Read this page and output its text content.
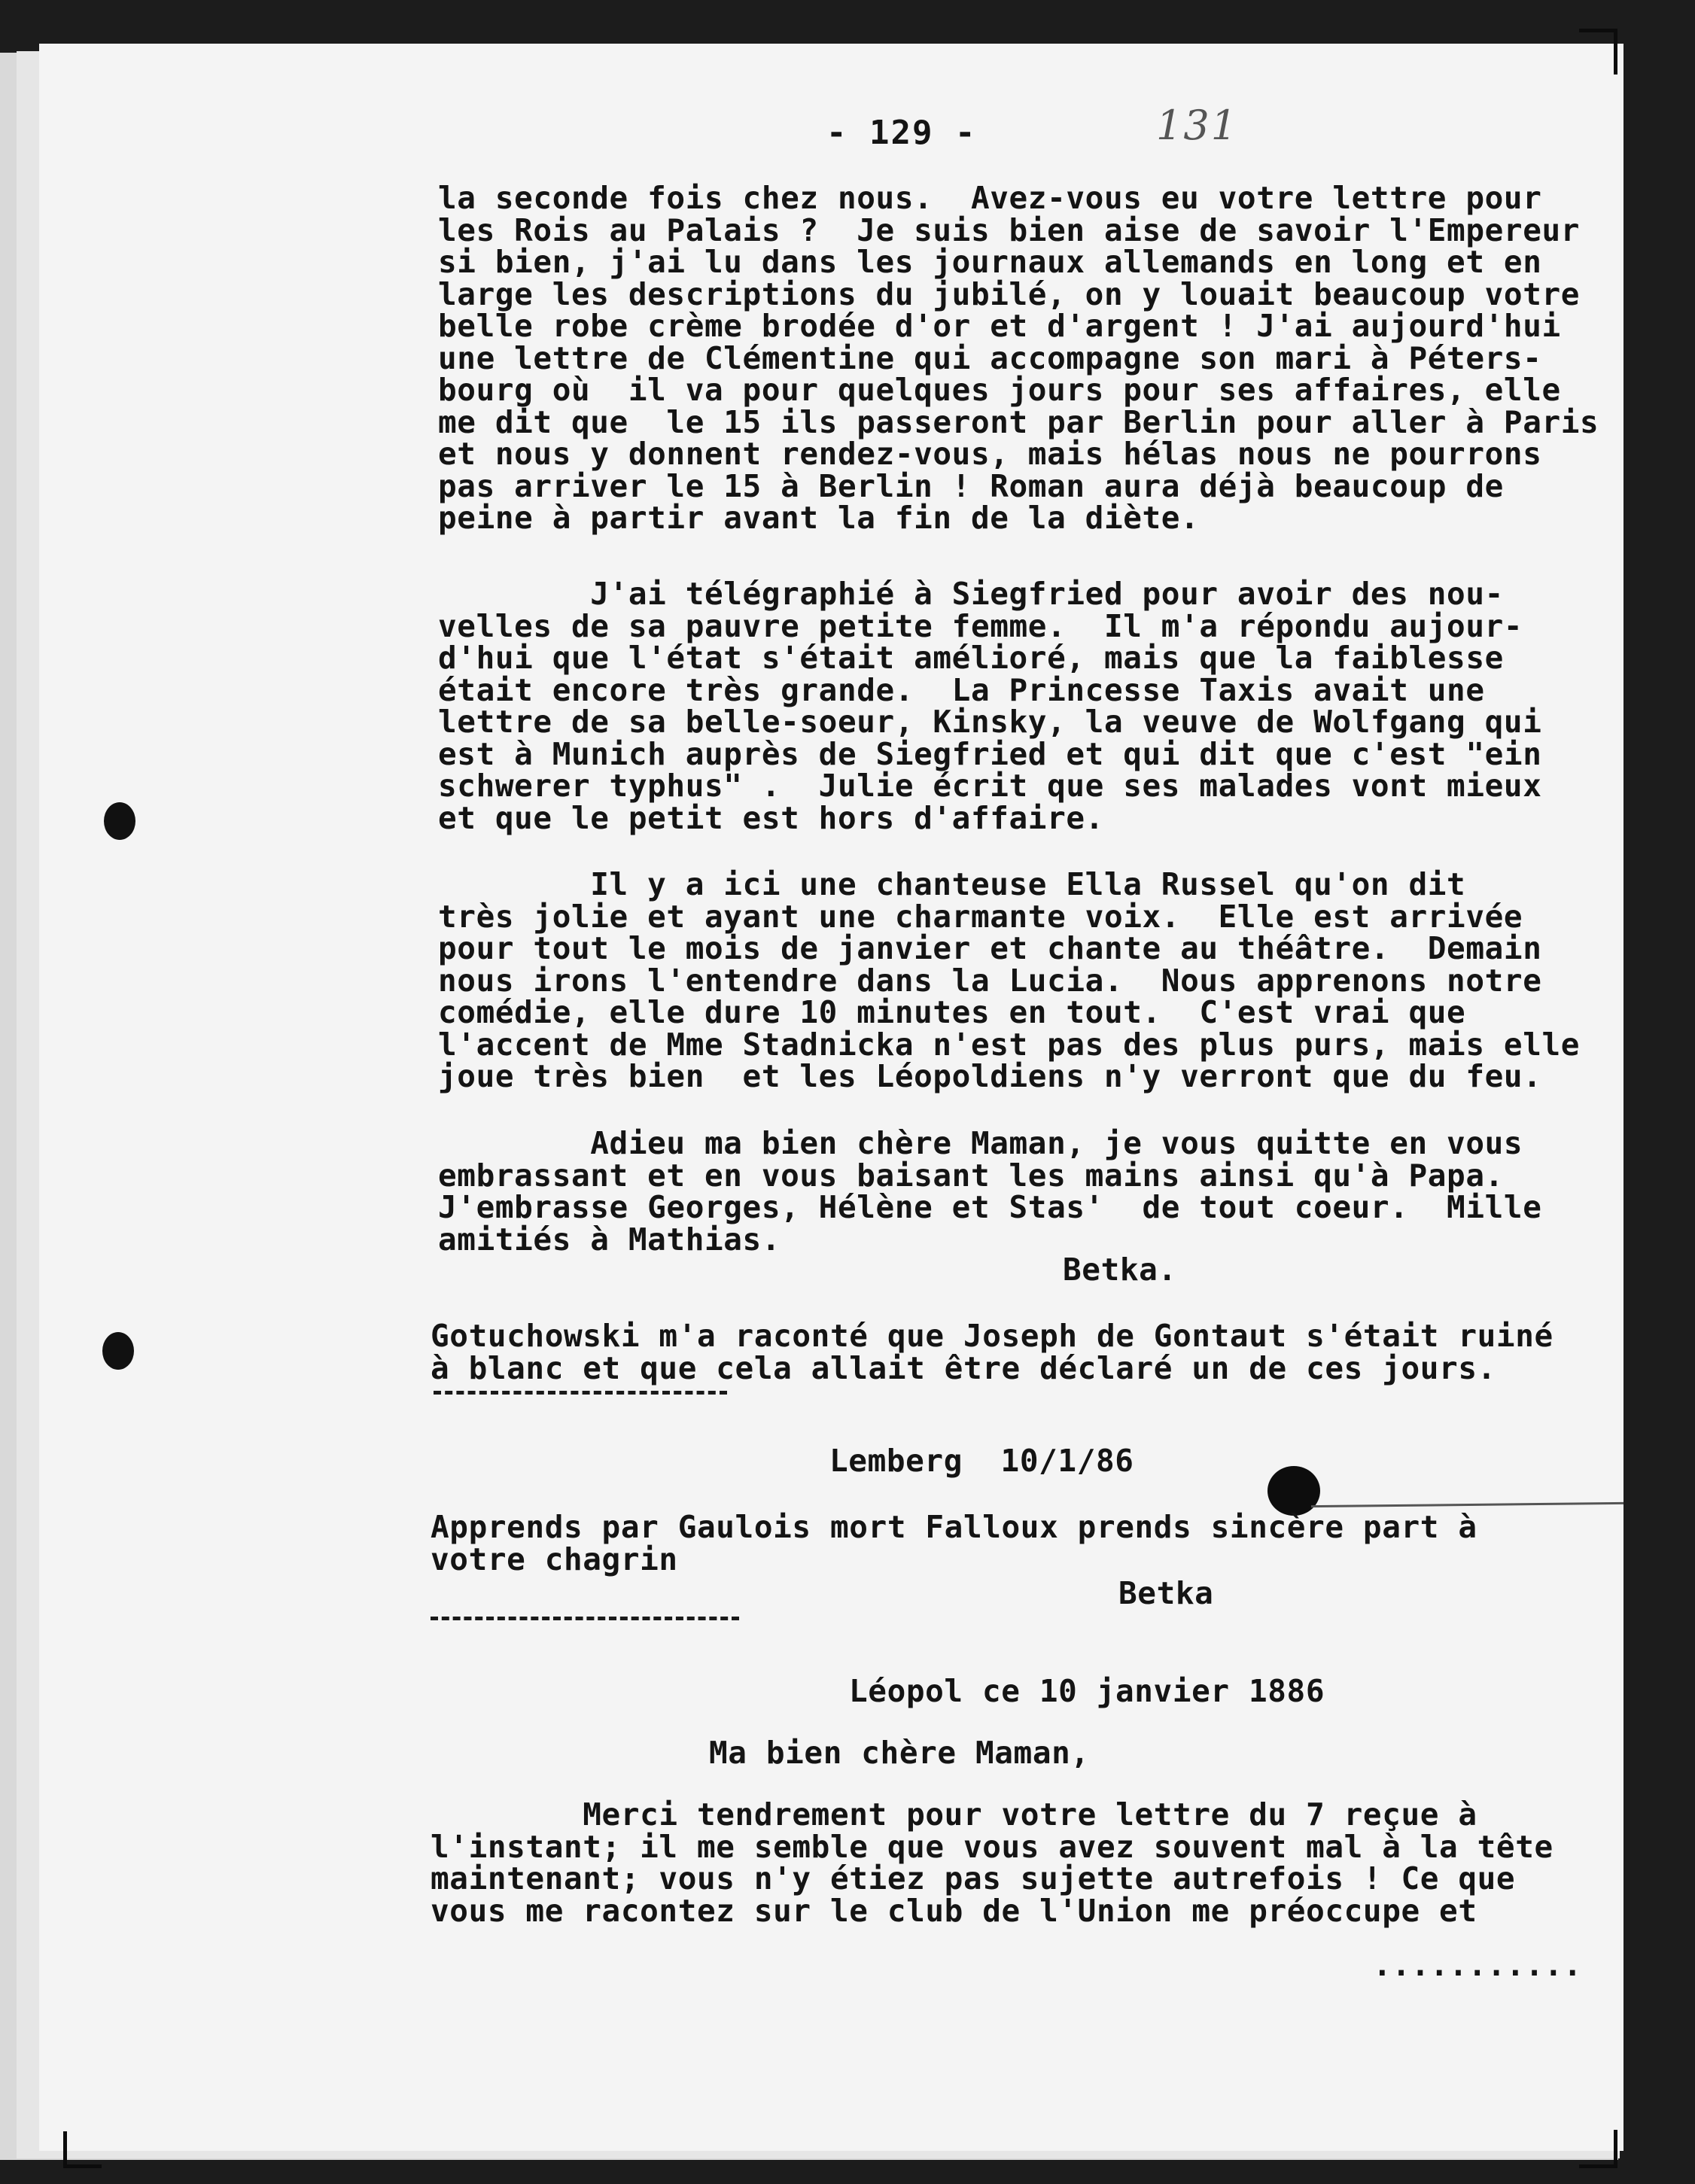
- 129 -	131
la seconde fois chez nous.  Avez-vous eu votre lettre pour
les Rois au Palais ?  Je suis bien aise de savoir l'Empereur
si bien, j'ai lu dans les journaux allemands en long et en
large les descriptions du jubilé, on y louait beaucoup votre
belle robe crème brodée d'or et d'argent ! J'ai aujourd'hui
une lettre de Clémentine qui accompagne son mari à Péters-
bourg où  il va pour quelques jours pour ses affaires, elle
me dit que  le 15 ils passeront par Berlin pour aller à Paris
et nous y donnent rendez-vous, mais hélas nous ne pourrons
pas arriver le 15 à Berlin ! Roman aura déjà beaucoup de
peine à partir avant la fin de la diète.
J'ai télégraphié à Siegfried pour avoir des nou-
velles de sa pauvre petite femme.  Il m'a répondu aujour-
d'hui que l'état s'était amélioré, mais que la faiblesse
était encore très grande.  La Princesse Taxis avait une
lettre de sa belle-soeur, Kinsky, la veuve de Wolfgang qui
est à Munich auprès de Siegfried et qui dit que c'est "ein
schwerer typhus" .  Julie écrit que ses malades vont mieux
et que le petit est hors d'affaire.
Il y a ici une chanteuse Ella Russel qu'on dit
très jolie et ayant une charmante voix.  Elle est arrivée
pour tout le mois de janvier et chante au théâtre.  Demain
nous irons l'entendre dans la Lucia.  Nous apprenons notre
comédie, elle dure 10 minutes en tout.  C'est vrai que
l'accent de Mme Stadnicka n'est pas des plus purs, mais elle
joue très bien  et les Léopoldiens n'y verront que du feu.
Adieu ma bien chère Maman, je vous quitte en vous
embrassant et en vous baisant les mains ainsi qu'à Papa.
J'embrasse Georges, Hélène et Stas'  de tout coeur.  Mille
amitiés à Mathias.
Betka.
Gotuchowski m'a raconté que Joseph de Gontaut s'était ruiné
à blanc et que cela allait être déclaré un de ces jours.
Lemberg  10/1/86
Apprends par Gaulois mort Falloux prends sincère part à
votre chagrin
Betka
Léopol ce 10 janvier 1886
Ma bien chère Maman,
Merci tendrement pour votre lettre du 7 reçue à
l'instant; il me semble que vous avez souvent mal à la tête
maintenant; vous n'y étiez pas sujette autrefois ! Ce que
vous me racontez sur le club de l'Union me préoccupe et
...........
